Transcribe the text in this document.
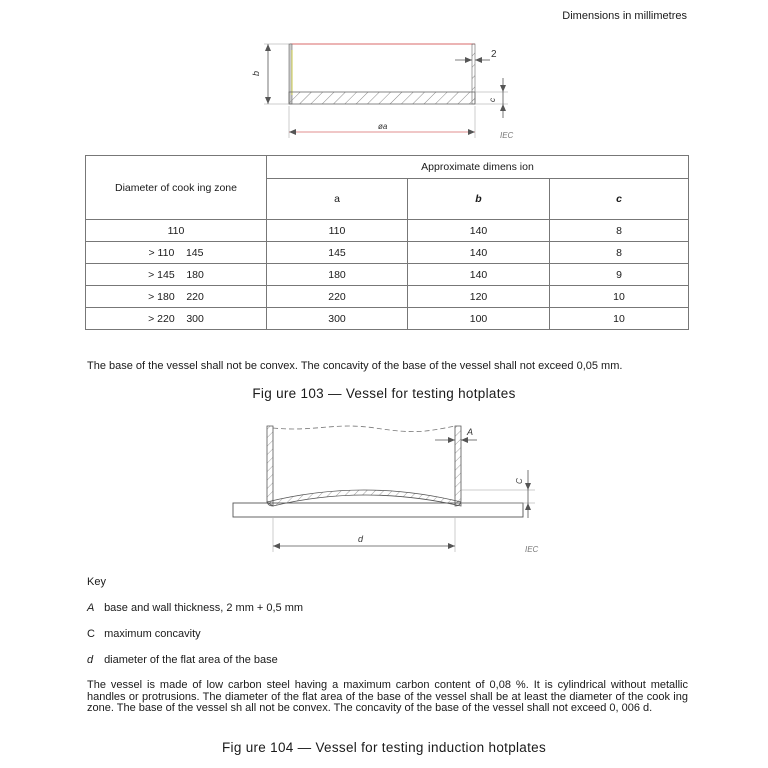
Dimensions in millimetres
b
2
c
øa
IEC
Diameter of cook ing zone	Approximate dimens ion		
	a	b	c
110	110	140	8
> 110    145	145	140	8
> 145    180	180	140	9
> 180    220	220	120	10
> 220    300	300	100	10
The base of the vessel shall not be convex. The concavity of the base of the vessel shall not exceed 0,05 mm.
Fig ure 103 — Vessel for testing hotplates
A
C
d
IEC
Key
A base and wall thickness, 2 mm + 0,5 mm
C maximum concavity
d diameter of the flat area of the base
The vessel is made of low carbon steel having a maximum carbon content of 0,08 %. It is cylindrical without metallic handles or protrusions. The diameter of the flat area of the base of the vessel shall be at least the diameter of the cook ing zone. The base of the vessel sh all not be convex. The concavity of the base of the vessel shall not exceed 0, 006 d.
Fig ure 104 — Vessel for testing induction hotplates
